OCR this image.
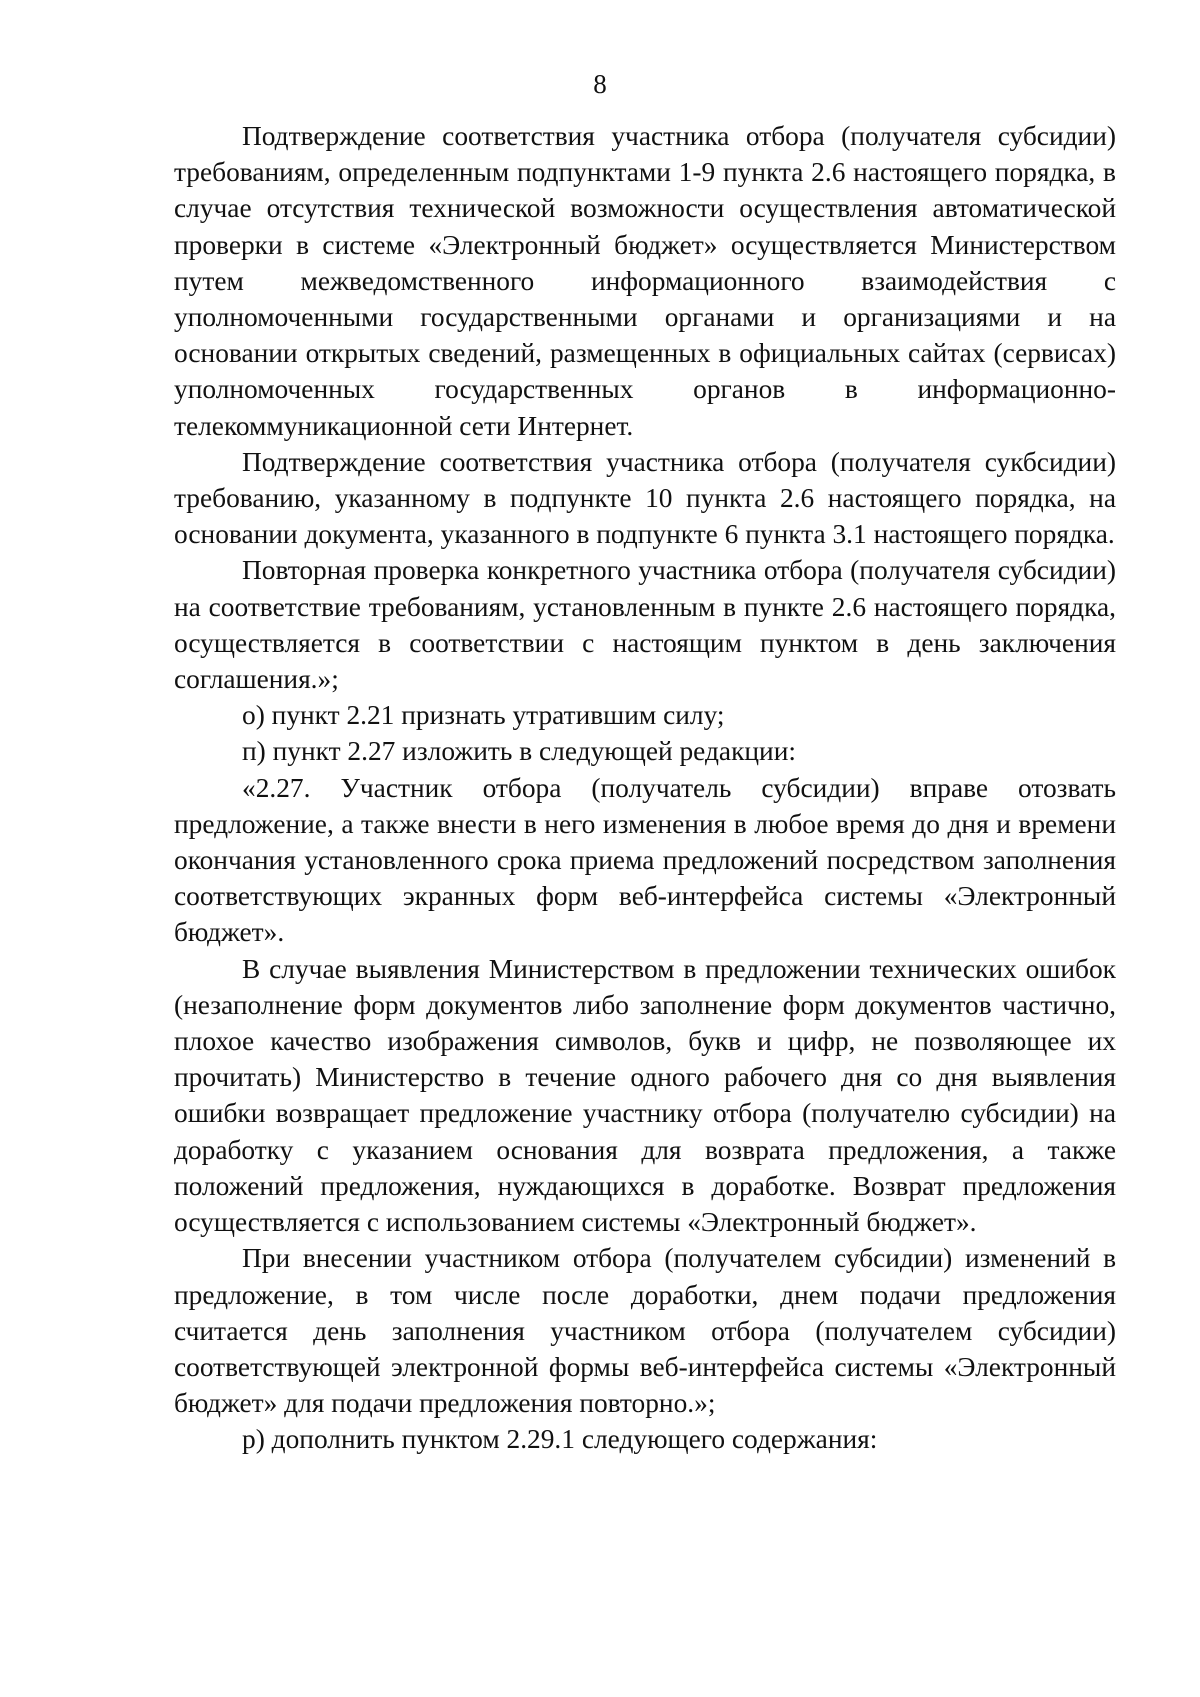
8

Подтверждение соответствия участника отбора (получателя субсидии) требованиям, определенным подпунктами 1-9 пункта 2.6 настоящего порядка, в случае отсутствия технической возможности осуществления автоматической проверки в системе «Электронный бюджет» осуществляется Министерством путем межведомственного информационного взаимодействия с уполномоченными государственными органами и организациями и на основании открытых сведений, размещенных в официальных сайтах (сервисах) уполномоченных государственных органов в информационно-телекоммуникационной сети Интернет.

Подтверждение соответствия участника отбора (получателя сукбсидии) требованию, указанному в подпункте 10 пункта 2.6 настоящего порядка, на основании документа, указанного в подпункте 6 пункта 3.1 настоящего порядка.

Повторная проверка конкретного участника отбора (получателя субсидии) на соответствие требованиям, установленным в пункте 2.6 настоящего порядка, осуществляется в соответствии с настоящим пунктом в день заключения соглашения.»;

о) пункт 2.21 признать утратившим силу;

п) пункт 2.27 изложить в следующей редакции:

«2.27. Участник отбора (получатель субсидии) вправе отозвать предложение, а также внести в него изменения в любое время до дня и времени окончания установленного срока приема предложений посредством заполнения соответствующих экранных форм веб-интерфейса системы «Электронный бюджет».

В случае выявления Министерством в предложении технических ошибок (незаполнение форм документов либо заполнение форм документов частично, плохое качество изображения символов, букв и цифр, не позволяющее их прочитать) Министерство в течение одного рабочего дня со дня выявления ошибки возвращает предложение участнику отбора (получателю субсидии) на доработку с указанием основания для возврата предложения, а также положений предложения, нуждающихся в доработке. Возврат предложения осуществляется с использованием системы «Электронный бюджет».

При внесении участником отбора (получателем субсидии) изменений в предложение, в том числе после доработки, днем подачи предложения считается день заполнения участником отбора (получателем субсидии) соответствующей электронной формы веб-интерфейса системы «Электронный бюджет» для подачи предложения повторно.»;

р) дополнить пунктом 2.29.1 следующего содержания:
